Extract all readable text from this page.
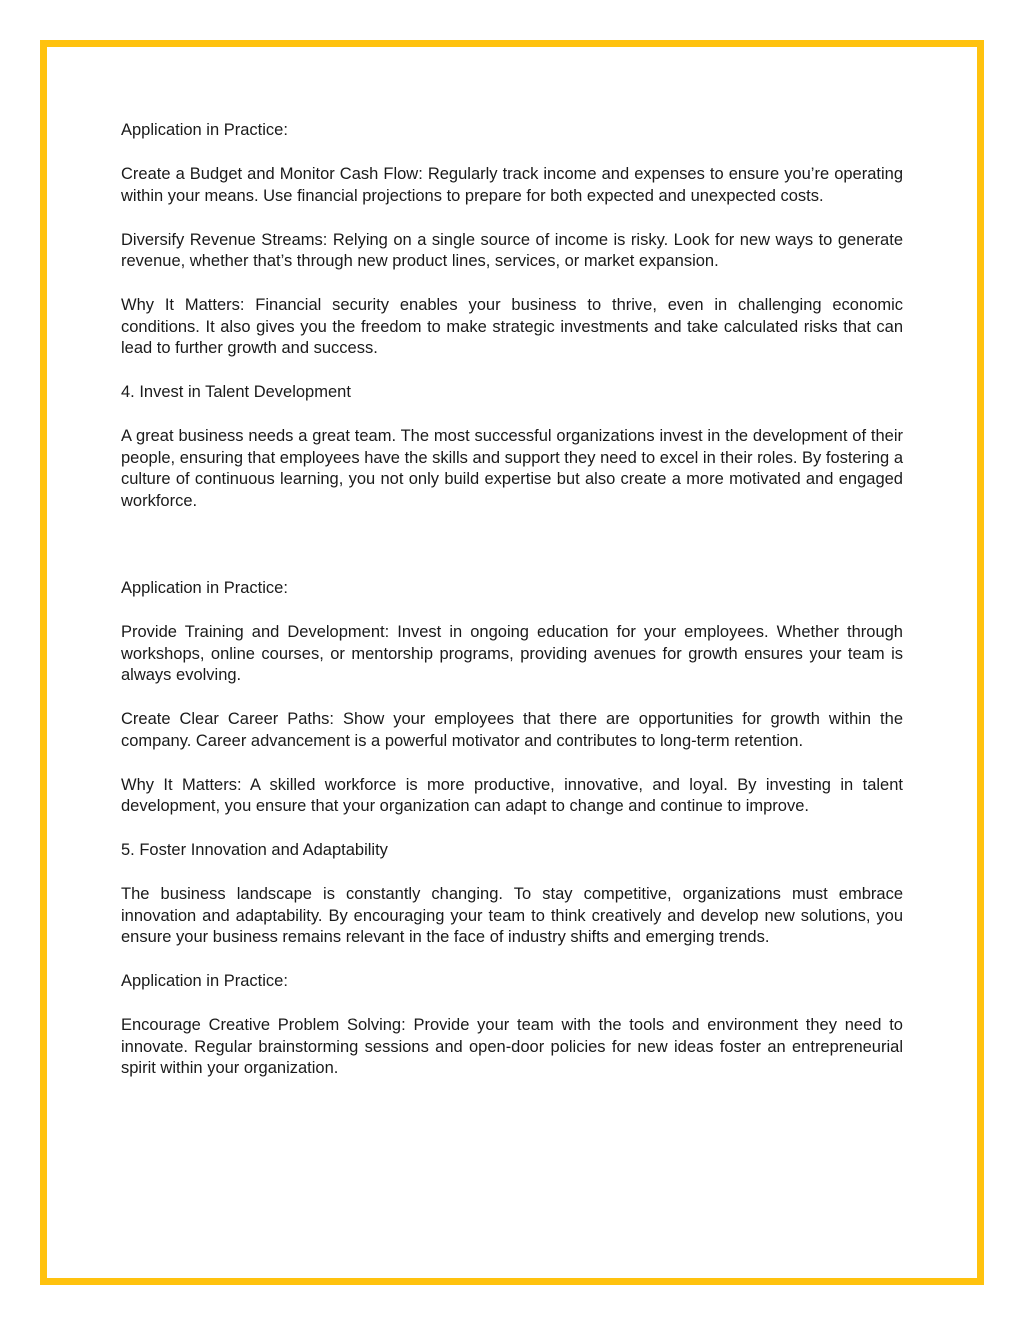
Application in Practice:

Create a Budget and Monitor Cash Flow: Regularly track income and expenses to ensure you’re operating within your means. Use financial projections to prepare for both expected and unexpected costs.

Diversify Revenue Streams: Relying on a single source of income is risky. Look for new ways to generate revenue, whether that’s through new product lines, services, or market expansion.

Why It Matters: Financial security enables your business to thrive, even in challenging economic conditions. It also gives you the freedom to make strategic investments and take calculated risks that can lead to further growth and success.

4. Invest in Talent Development

A great business needs a great team. The most successful organizations invest in the development of their people, ensuring that employees have the skills and support they need to excel in their roles. By fostering a culture of continuous learning, you not only build expertise but also create a more motivated and engaged workforce.

Application in Practice:

Provide Training and Development: Invest in ongoing education for your employees. Whether through workshops, online courses, or mentorship programs, providing avenues for growth ensures your team is always evolving.

Create Clear Career Paths: Show your employees that there are opportunities for growth within the company. Career advancement is a powerful motivator and contributes to long-term retention.

Why It Matters: A skilled workforce is more productive, innovative, and loyal. By investing in talent development, you ensure that your organization can adapt to change and continue to improve.

5. Foster Innovation and Adaptability

The business landscape is constantly changing. To stay competitive, organizations must embrace innovation and adaptability. By encouraging your team to think creatively and develop new solutions, you ensure your business remains relevant in the face of industry shifts and emerging trends.

Application in Practice:

Encourage Creative Problem Solving: Provide your team with the tools and environment they need to innovate. Regular brainstorming sessions and open-door policies for new ideas foster an entrepreneurial spirit within your organization.
